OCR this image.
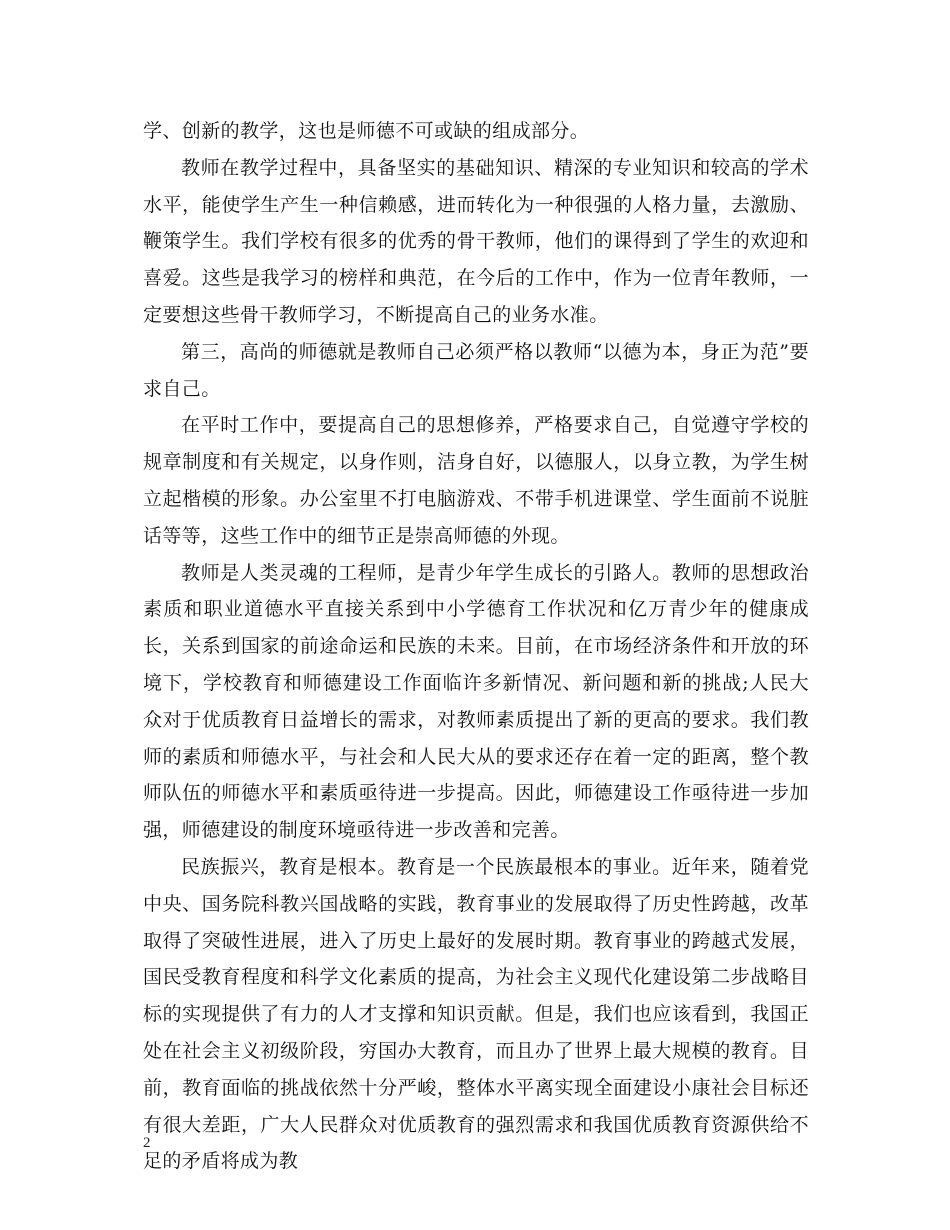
学、创新的教学，这也是师德不可或缺的组成部分。

教师在教学过程中，具备坚实的基础知识、精深的专业知识和较高的学术水平，能使学生产生一种信赖感，进而转化为一种很强的人格力量，去激励、鞭策学生。我们学校有很多的优秀的骨干教师，他们的课得到了学生的欢迎和喜爱。这些是我学习的榜样和典范，在今后的工作中，作为一位青年教师，一定要想这些骨干教师学习，不断提高自己的业务水准。

第三，高尚的师德就是教师自己必须严格以教师“以德为本，身正为范”要求自己。

在平时工作中，要提高自己的思想修养，严格要求自己，自觉遵守学校的规章制度和有关规定，以身作则，洁身自好，以德服人，以身立教，为学生树立起楷模的形象。办公室里不打电脑游戏、不带手机进课堂、学生面前不说脏话等等，这些工作中的细节正是崇高师德的外现。

教师是人类灵魂的工程师，是青少年学生成长的引路人。教师的思想政治素质和职业道德水平直接关系到中小学德育工作状况和亿万青少年的健康成长，关系到国家的前途命运和民族的未来。目前，在市场经济条件和开放的环境下，学校教育和师德建设工作面临许多新情况、新问题和新的挑战;人民大众对于优质教育日益增长的需求，对教师素质提出了新的更高的要求。我们教师的素质和师德水平，与社会和人民大从的要求还存在着一定的距离，整个教师队伍的师德水平和素质亟待进一步提高。因此，师德建设工作亟待进一步加强，师德建设的制度环境亟待进一步改善和完善。

民族振兴，教育是根本。教育是一个民族最根本的事业。近年来，随着党中央、国务院科教兴国战略的实践，教育事业的发展取得了历史性跨越，改革取得了突破性进展，进入了历史上最好的发展时期。教育事业的跨越式发展，国民受教育程度和科学文化素质的提高，为社会主义现代化建设第二步战略目标的实现提供了有力的人才支撑和知识贡献。但是，我们也应该看到，我国正处在社会主义初级阶段，穷国办大教育，而且办了世界上最大规模的教育。目前，教育面临的挑战依然十分严峻，整体水平离实现全面建设小康社会目标还有很大差距，广大人民群众对优质教育的强烈需求和我国优质教育资源供给不足的矛盾将成为教

2
